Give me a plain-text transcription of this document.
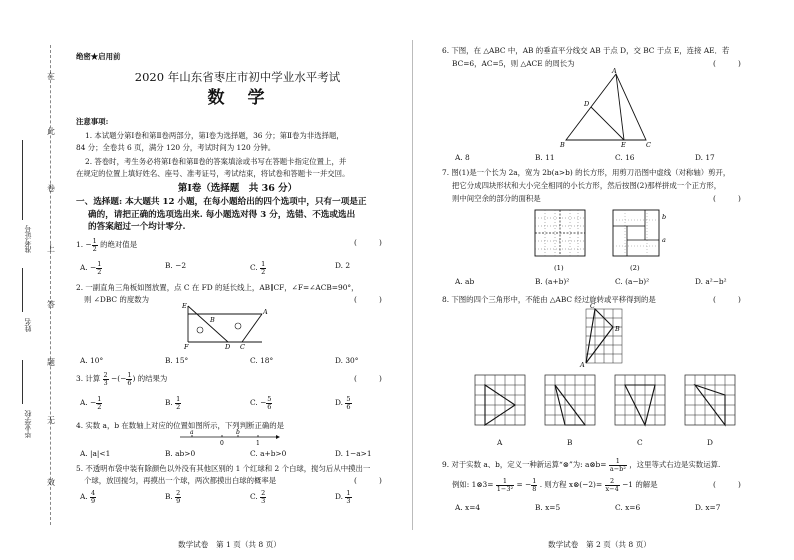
在
此
卷
上
答
题
无
效
准考证号
姓名
毕业学校
绝密★启用前
2020 年山东省枣庄市初中学业水平考试
数　学
注意事项:
1. 本试题分第Ⅰ卷和第Ⅱ卷两部分，第Ⅰ卷为选择题，36 分；第Ⅱ卷为非选择题，
84 分；全卷共 6 页，满分 120 分，考试时间为 120 分钟。
2. 答卷时，考生务必将第Ⅰ卷和第Ⅱ卷的答案填涂或书写在答题卡指定位置上，并
在规定的位置上填好姓名、座号、准考证号，考试结束，将试卷和答题卡一并交回。
第Ⅰ卷（选择题　共 36 分）
一、选择题: 本大题共 12 小题，在每小题给出的四个选项中，只有一项是正
确的，请把正确的选项选出来. 每小题选对得 3 分，选错、不选或选出
的答案超过一个均计零分.
1. − $\frac{1}{2}$ 的绝对值是	(　　　)
A. − $\frac{1}{2}$	B. −2	C. $\frac{1}{2}$	D. 2
2. 一副直角三角板如图放置，点 C 在 FD 的延长线上，AB∥CF，∠F=∠ACB=90°，
则 ∠DBC 的度数为	(　　　)
E
A
B
F	D C
A. 10°	B. 15°	C. 18°	D. 30°
3. 计算 $\frac{2}{3}$ −(− $\frac{1}{6}$ ) 的结果为	(　　　)
A. − $\frac{1}{2}$	B. $\frac{1}{2}$	C. − $\frac{5}{6}$	D. $\frac{5}{6}$
4. 实数 a，b 在数轴上对应的位置如图所示，下列判断正确的是
a
0
b
1
A. |a|<1	B. ab>0	C. a+b>0	D. 1−a>1
5. 不透明布袋中装有除颜色以外没有其他区别的 1 个红球和 2 个白球，搅匀后从中摸出一
个球，放回搅匀，再摸出一个球，两次都摸出白球的概率是	(　　　)
A. $\frac{4}{9}$	B. $\frac{2}{9}$	C. $\frac{2}{3}$	D. $\frac{1}{3}$
数学试卷　第 1 页（共 8 页）
6. 下图，在 △ABC 中，AB 的垂直平分线交 AB 于点 D，交 BC 于点 E，连接 AE．若
BC=6，AC=5，则 △ACE 的周长为	(　　　)
A
D
B	E	C
A. 8	B. 11	C. 16	D. 17
7. 图(1)是一个长为 2a，宽为 2b(a>b) 的长方形，用剪刀沿图中虚线（对称轴）剪开，
把它分成四块形状和大小完全相同的小长方形，然后按图(2)那样拼成一个正方形，
则中间空余的部分的面积是	(　　　)
b
a
(1)	(2)
A. ab	B. (a+b)²	C. (a−b)²	D. a²−b²
8. 下图的四个三角形中，不能由 △ABC 经过旋转或平移得到的是	(　　　)
C
B
A
A	B	C	D
9. 对于实数 a、b，定义一种新运算“⊗”为: a⊗b= $\frac{1}{\text{a−b²}}$ ，这里等式右边是实数运算.
例如: 1⊗3= $\frac{1}{\text{1−3²}}$ = − $\frac{1}{8}$ . 则方程 x⊗(−2)= $\frac{2}{x-4} -1$ 的解是	(　　　)
A. x=4	B. x=5	C. x=6	D. x=7
数学试卷　第 2 页（共 8 页）
